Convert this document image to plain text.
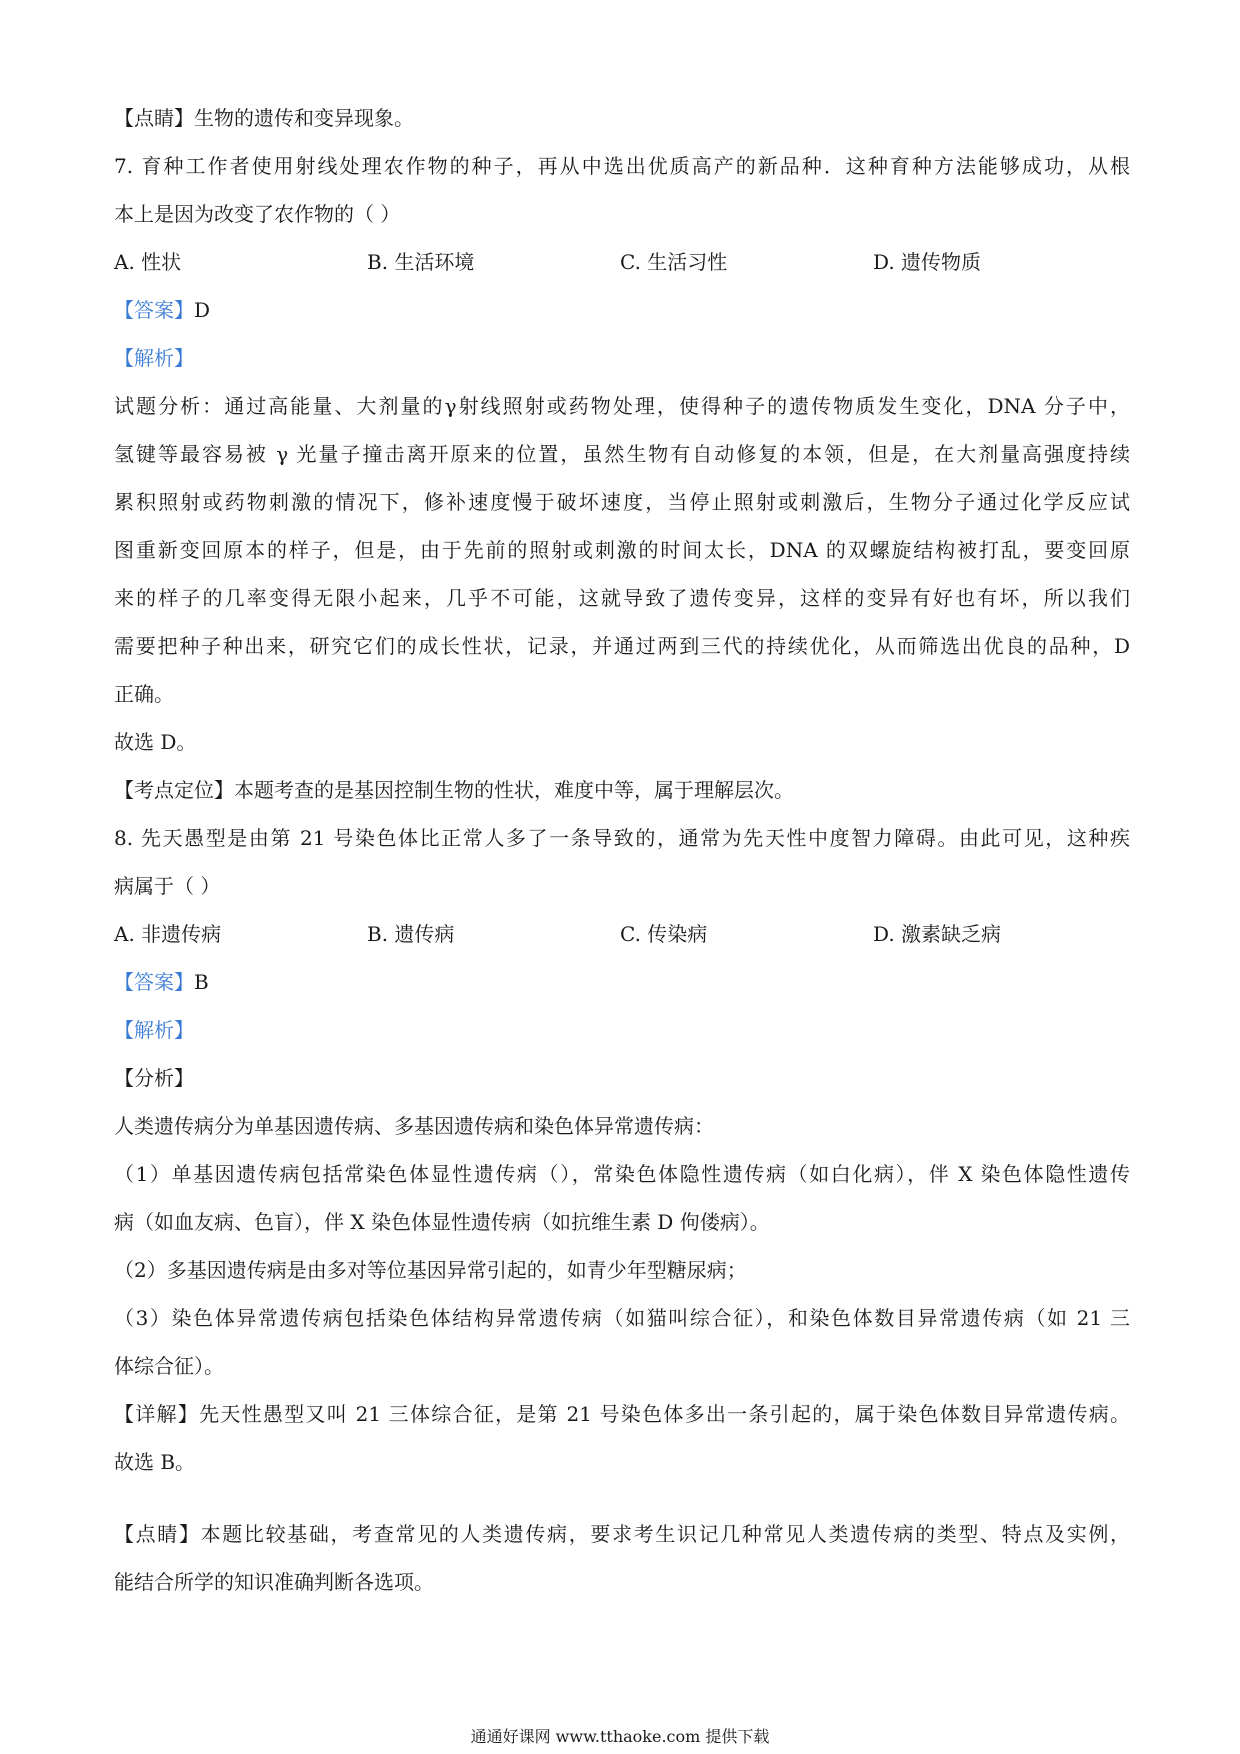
【点睛】生物的遗传和变异现象。
7. 育种工作者使用射线处理农作物的种子，再从中选出优质高产的新品种．这种育种方法能够成功，从根
本上是因为改变了农作物的（ ）
A. 性状	B. 生活环境	C. 生活习性	D. 遗传物质
【答案】D
【解析】
试题分析：通过高能量、大剂量的γ射线照射或药物处理，使得种子的遗传物质发生变化，DNA 分子中，
氢键等最容易被 γ 光量子撞击离开原来的位置，虽然生物有自动修复的本领，但是，在大剂量高强度持续
累积照射或药物刺激的情况下，修补速度慢于破坏速度，当停止照射或刺激后，生物分子通过化学反应试
图重新变回原本的样子，但是，由于先前的照射或刺激的时间太长，DNA 的双螺旋结构被打乱，要变回原
来的样子的几率变得无限小起来，几乎不可能，这就导致了遗传变异，这样的变异有好也有坏，所以我们
需要把种子种出来，研究它们的成长性状，记录，并通过两到三代的持续优化，从而筛选出优良的品种，D
正确。
故选 D。
【考点定位】本题考查的是基因控制生物的性状，难度中等，属于理解层次。
8. 先天愚型是由第 21 号染色体比正常人多了一条导致的，通常为先天性中度智力障碍。由此可见，这种疾
病属于（ ）
A. 非遗传病	B. 遗传病	C. 传染病	D. 激素缺乏病
【答案】B
【解析】
【分析】
人类遗传病分为单基因遗传病、多基因遗传病和染色体异常遗传病：
（1）单基因遗传病包括常染色体显性遗传病（），常染色体隐性遗传病（如白化病），伴 X 染色体隐性遗传
病（如血友病、色盲），伴 X 染色体显性遗传病（如抗维生素 D 佝偻病）。
（2）多基因遗传病是由多对等位基因异常引起的，如青少年型糖尿病；
（3）染色体异常遗传病包括染色体结构异常遗传病（如猫叫综合征），和染色体数目异常遗传病（如 21 三
体综合征）。
【详解】先天性愚型又叫 21 三体综合征，是第 21 号染色体多出一条引起的，属于染色体数目异常遗传病。
故选 B。
【点睛】本题比较基础，考查常见的人类遗传病，要求考生识记几种常见人类遗传病的类型、特点及实例，
能结合所学的知识准确判断各选项。
通通好课网 www.tthaoke.com 提供下载
